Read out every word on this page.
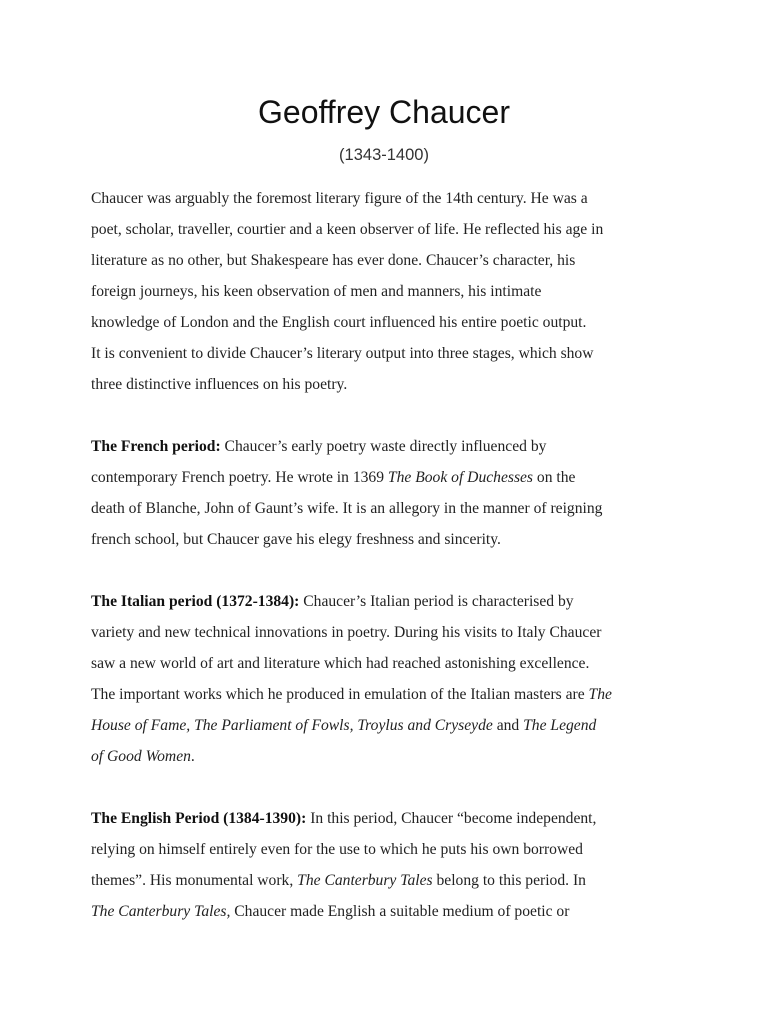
Geoffrey Chaucer
(1343-1400)
Chaucer was arguably the foremost literary figure of the 14th century. He was a
poet, scholar, traveller, courtier and a keen observer of life. He reflected his age in
literature as no other, but Shakespeare has ever done. Chaucer’s character, his
foreign journeys, his keen observation of men and manners, his intimate
knowledge of London and the English court influenced his entire poetic output.
It is convenient to divide Chaucer’s literary output into three stages, which show
three distinctive influences on his poetry.
The French period: Chaucer’s early poetry waste directly influenced by
contemporary French poetry. He wrote in 1369 The Book of Duchesses on the
death of Blanche, John of Gaunt’s wife. It is an allegory in the manner of reigning
french school, but Chaucer gave his elegy freshness and sincerity.
The Italian period (1372-1384): Chaucer’s Italian period is characterised by
variety and new technical innovations in poetry. During his visits to Italy Chaucer
saw a new world of art and literature which had reached astonishing excellence.
The important works which he produced in emulation of the Italian masters are The
House of Fame, The Parliament of Fowls, Troylus and Cryseyde and The Legend
of Good Women.
The English Period (1384-1390): In this period, Chaucer “become independent,
relying on himself entirely even for the use to which he puts his own borrowed
themes”. His monumental work, The Canterbury Tales belong to this period. In
The Canterbury Tales, Chaucer made English a suitable medium of poetic or
